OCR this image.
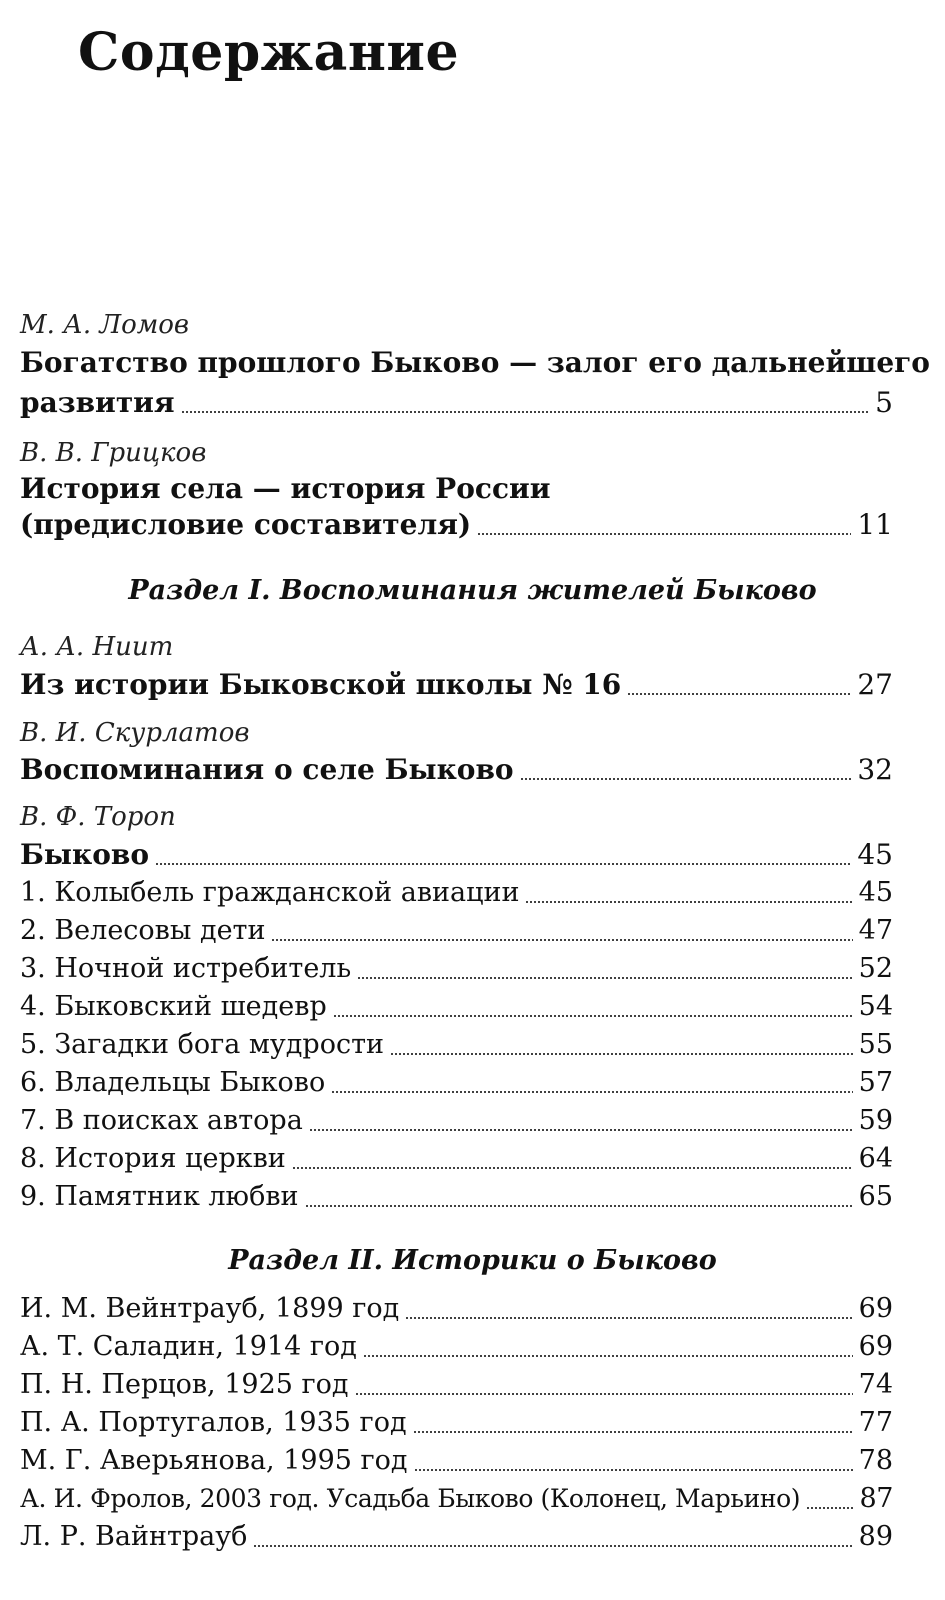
Содержание
М. А. Ломов
Богатство прошлого Быково — залог его дальнейшего
развития	5
В. В. Грицков
История села — история России
(предисловие составителя)	11
Раздел I. Воспоминания жителей Быково
А. А. Ниит
Из истории Быковской школы № 16	27
В. И. Скурлатов
Воспоминания о селе Быково	32
В. Ф. Тороп
Быково	45
1. Колыбель гражданской авиации	45
2. Велесовы дети	47
3. Ночной истребитель	52
4. Быковский шедевр	54
5. Загадки бога мудрости	55
6. Владельцы Быково	57
7. В поисках автора	59
8. История церкви	64
9. Памятник любви	65
Раздел II. Историки о Быково
И. М. Вейнтрауб, 1899 год	69
А. Т. Саладин, 1914 год	69
П. Н. Перцов, 1925 год	74
П. А. Португалов, 1935 год	77
М. Г. Аверьянова, 1995 год	78
А. И. Фролов, 2003 год. Усадьба Быково (Колонец, Марьино) 87
Л. Р. Вайнтрауб	89
